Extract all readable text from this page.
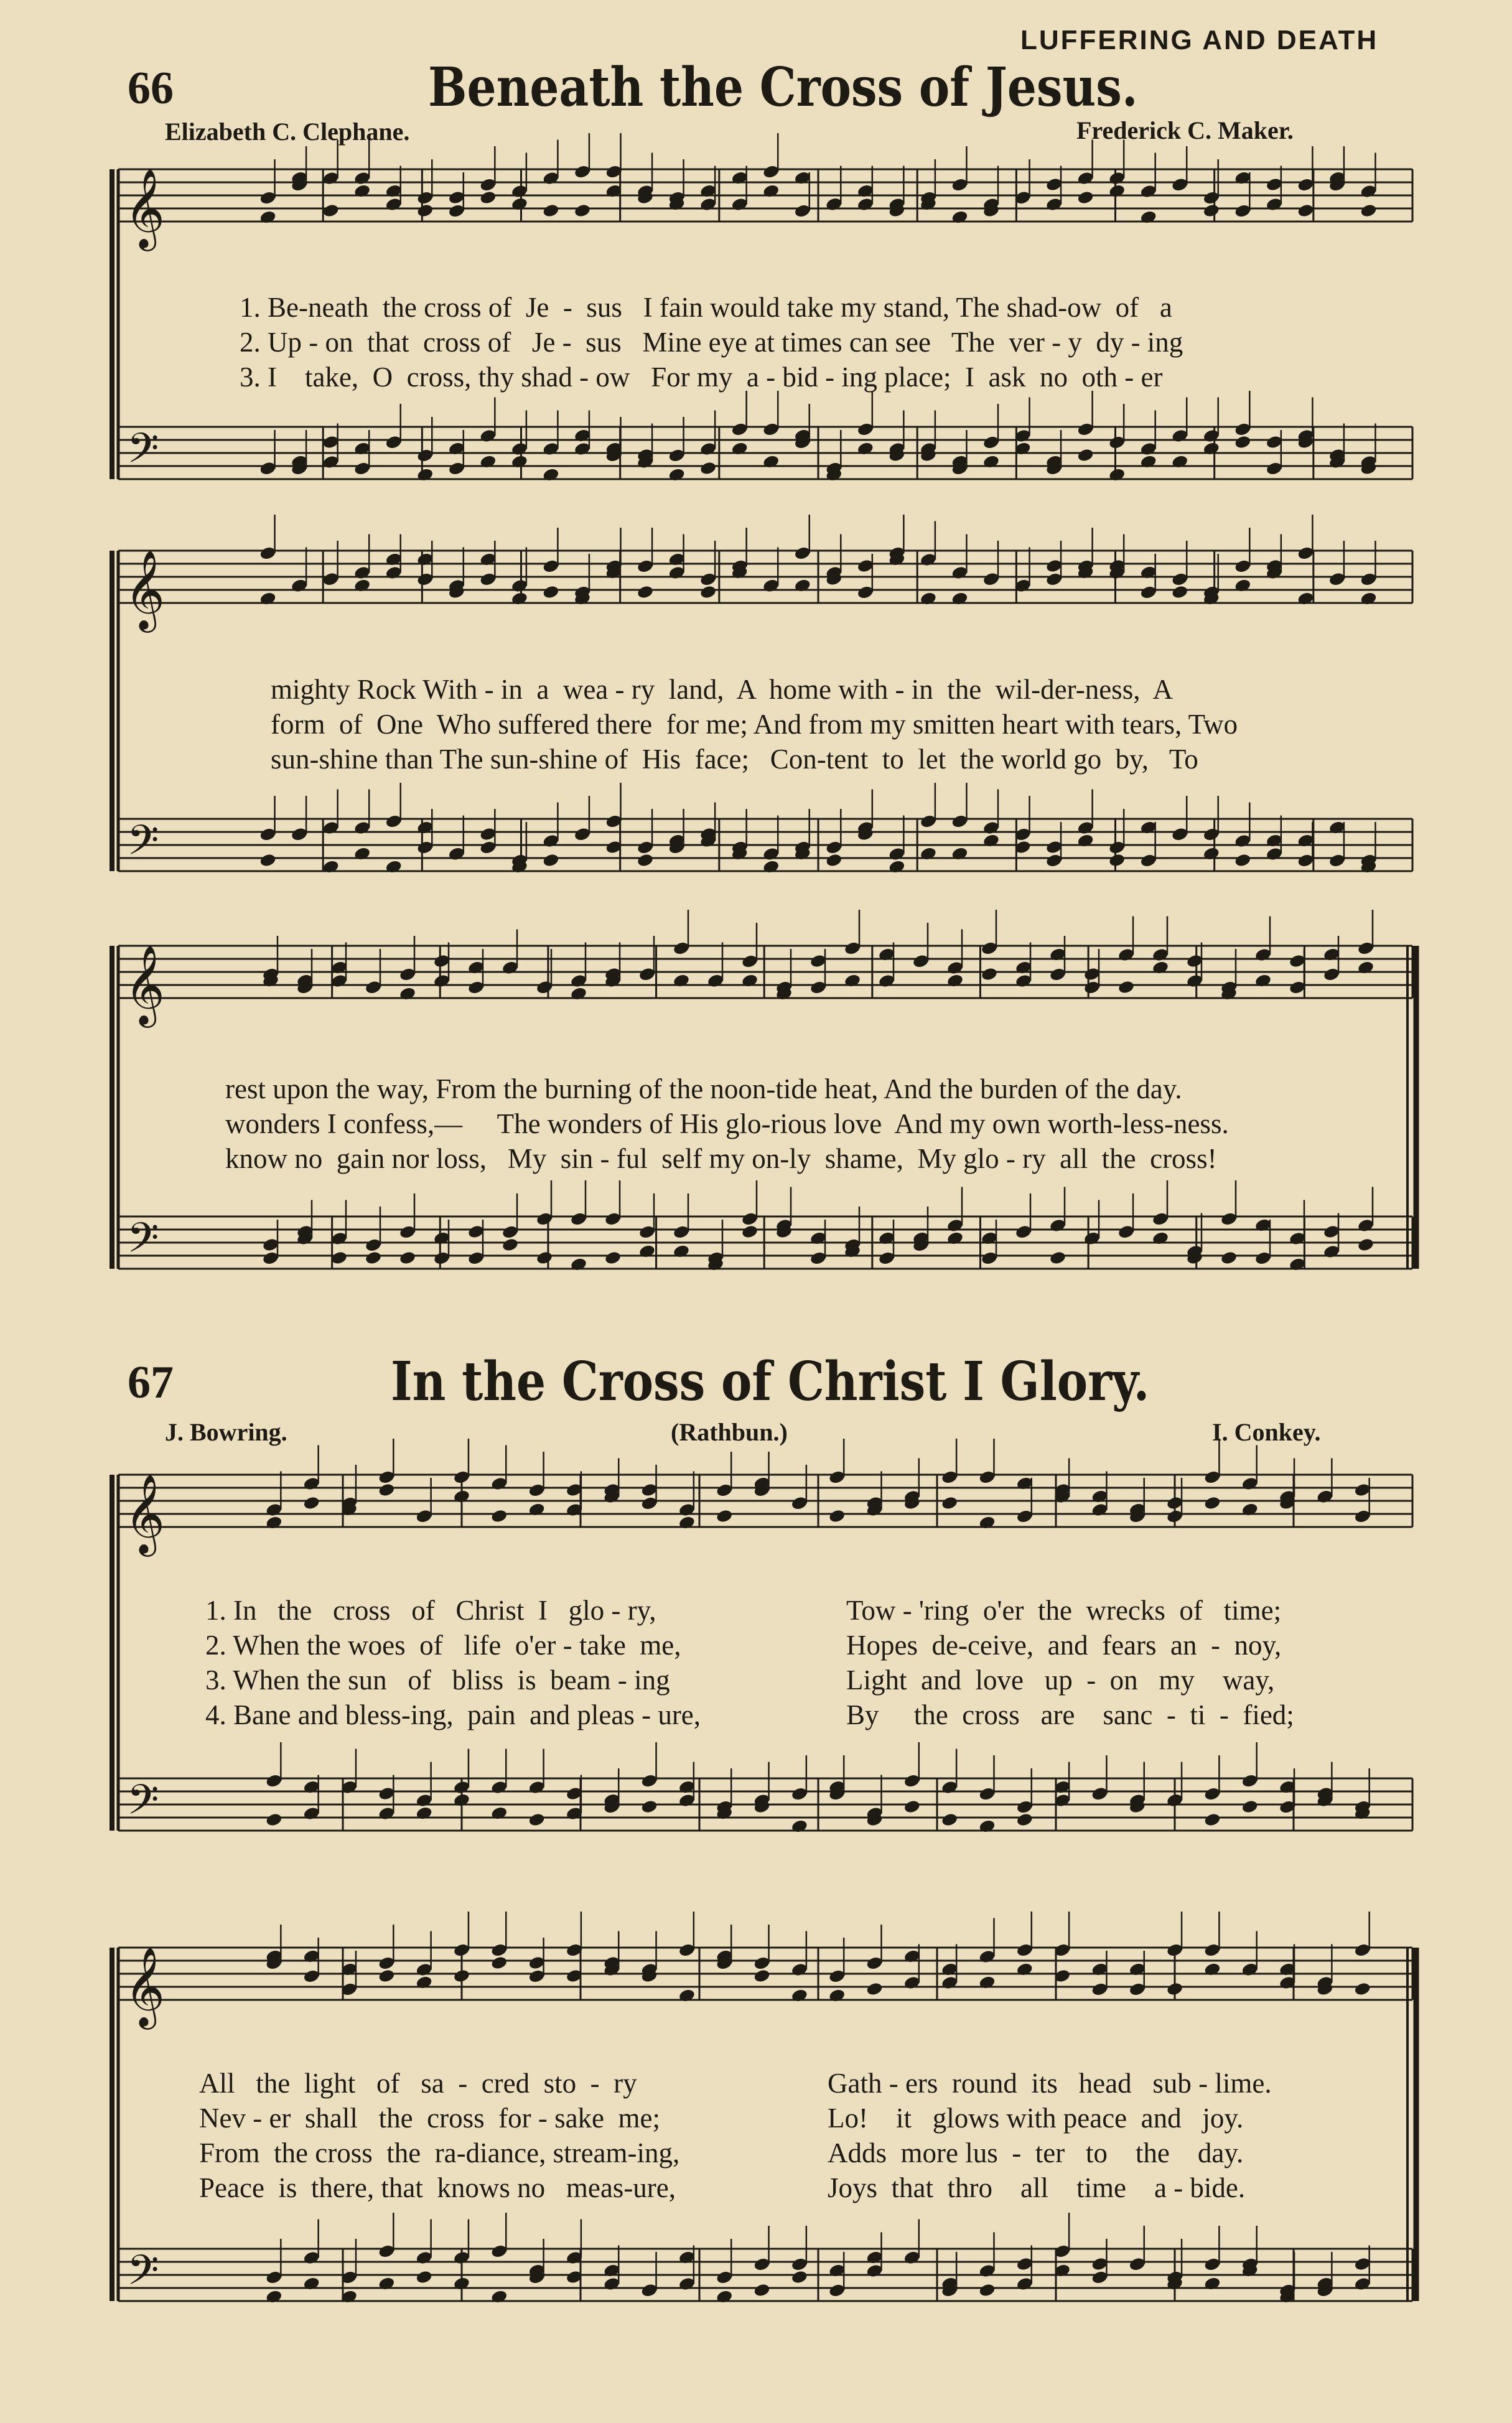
LUFFERING AND DEATH
66	Beneath the Cross of Jesus.
Elizabeth C. Clephane.	Frederick C. Maker.
1. Be-neath  the cross of  Je  -  sus   I fain would take my stand, The shad-ow  of   a
2. Up - on  that  cross of   Je -  sus   Mine eye at times can see   The  ver - y  dy - ing
3. I    take,  O  cross, thy shad - ow   For my  a - bid - ing place;  I  ask  no  oth - er
mighty Rock With - in  a  wea - ry  land,  A  home with - in  the  wil-der-ness,  A
form  of  One  Who suffered there  for me; And from my smitten heart with tears, Two
sun-shine than The sun-shine of  His  face;   Con-tent  to  let  the world go  by,   To
rest upon the way, From the burning of the noon-tide heat, And the burden of the day.
wonders I confess,—     The wonders of His glo-rious love  And my own worth-less-ness.
know no  gain nor loss,   My  sin - ful  self my on-ly  shame,  My glo - ry  all  the  cross!
67	In the Cross of Christ I Glory.
J. Bowring.	(Rathbun.)	I. Conkey.
1. In   the   cross   of   Christ  I   glo - ry,
2. When the woes  of   life  o'er - take  me,
3. When the sun   of   bliss  is  beam - ing
4. Bane and bless-ing,  pain  and pleas - ure,
Tow - 'ring  o'er  the  wrecks  of   time;
Hopes  de-ceive,  and  fears  an  -  noy,
Light  and  love   up  -  on   my    way,
By     the  cross   are    sanc  -  ti  -  fied;
All   the  light   of   sa  -  cred  sto  -  ry
Nev - er  shall   the  cross  for - sake  me;
From  the cross  the  ra-diance, stream-ing,
Peace  is  there, that  knows no   meas-ure,
Gath - ers  round  its   head   sub - lime.
Lo!    it   glows with peace  and   joy.
Adds  more lus  -  ter   to    the    day.
Joys  that  thro    all    time    a - bide.
𝄞
𝄢
𝄞
𝄢
𝄞
𝄢
𝄞
𝄢
𝄞
𝄢
